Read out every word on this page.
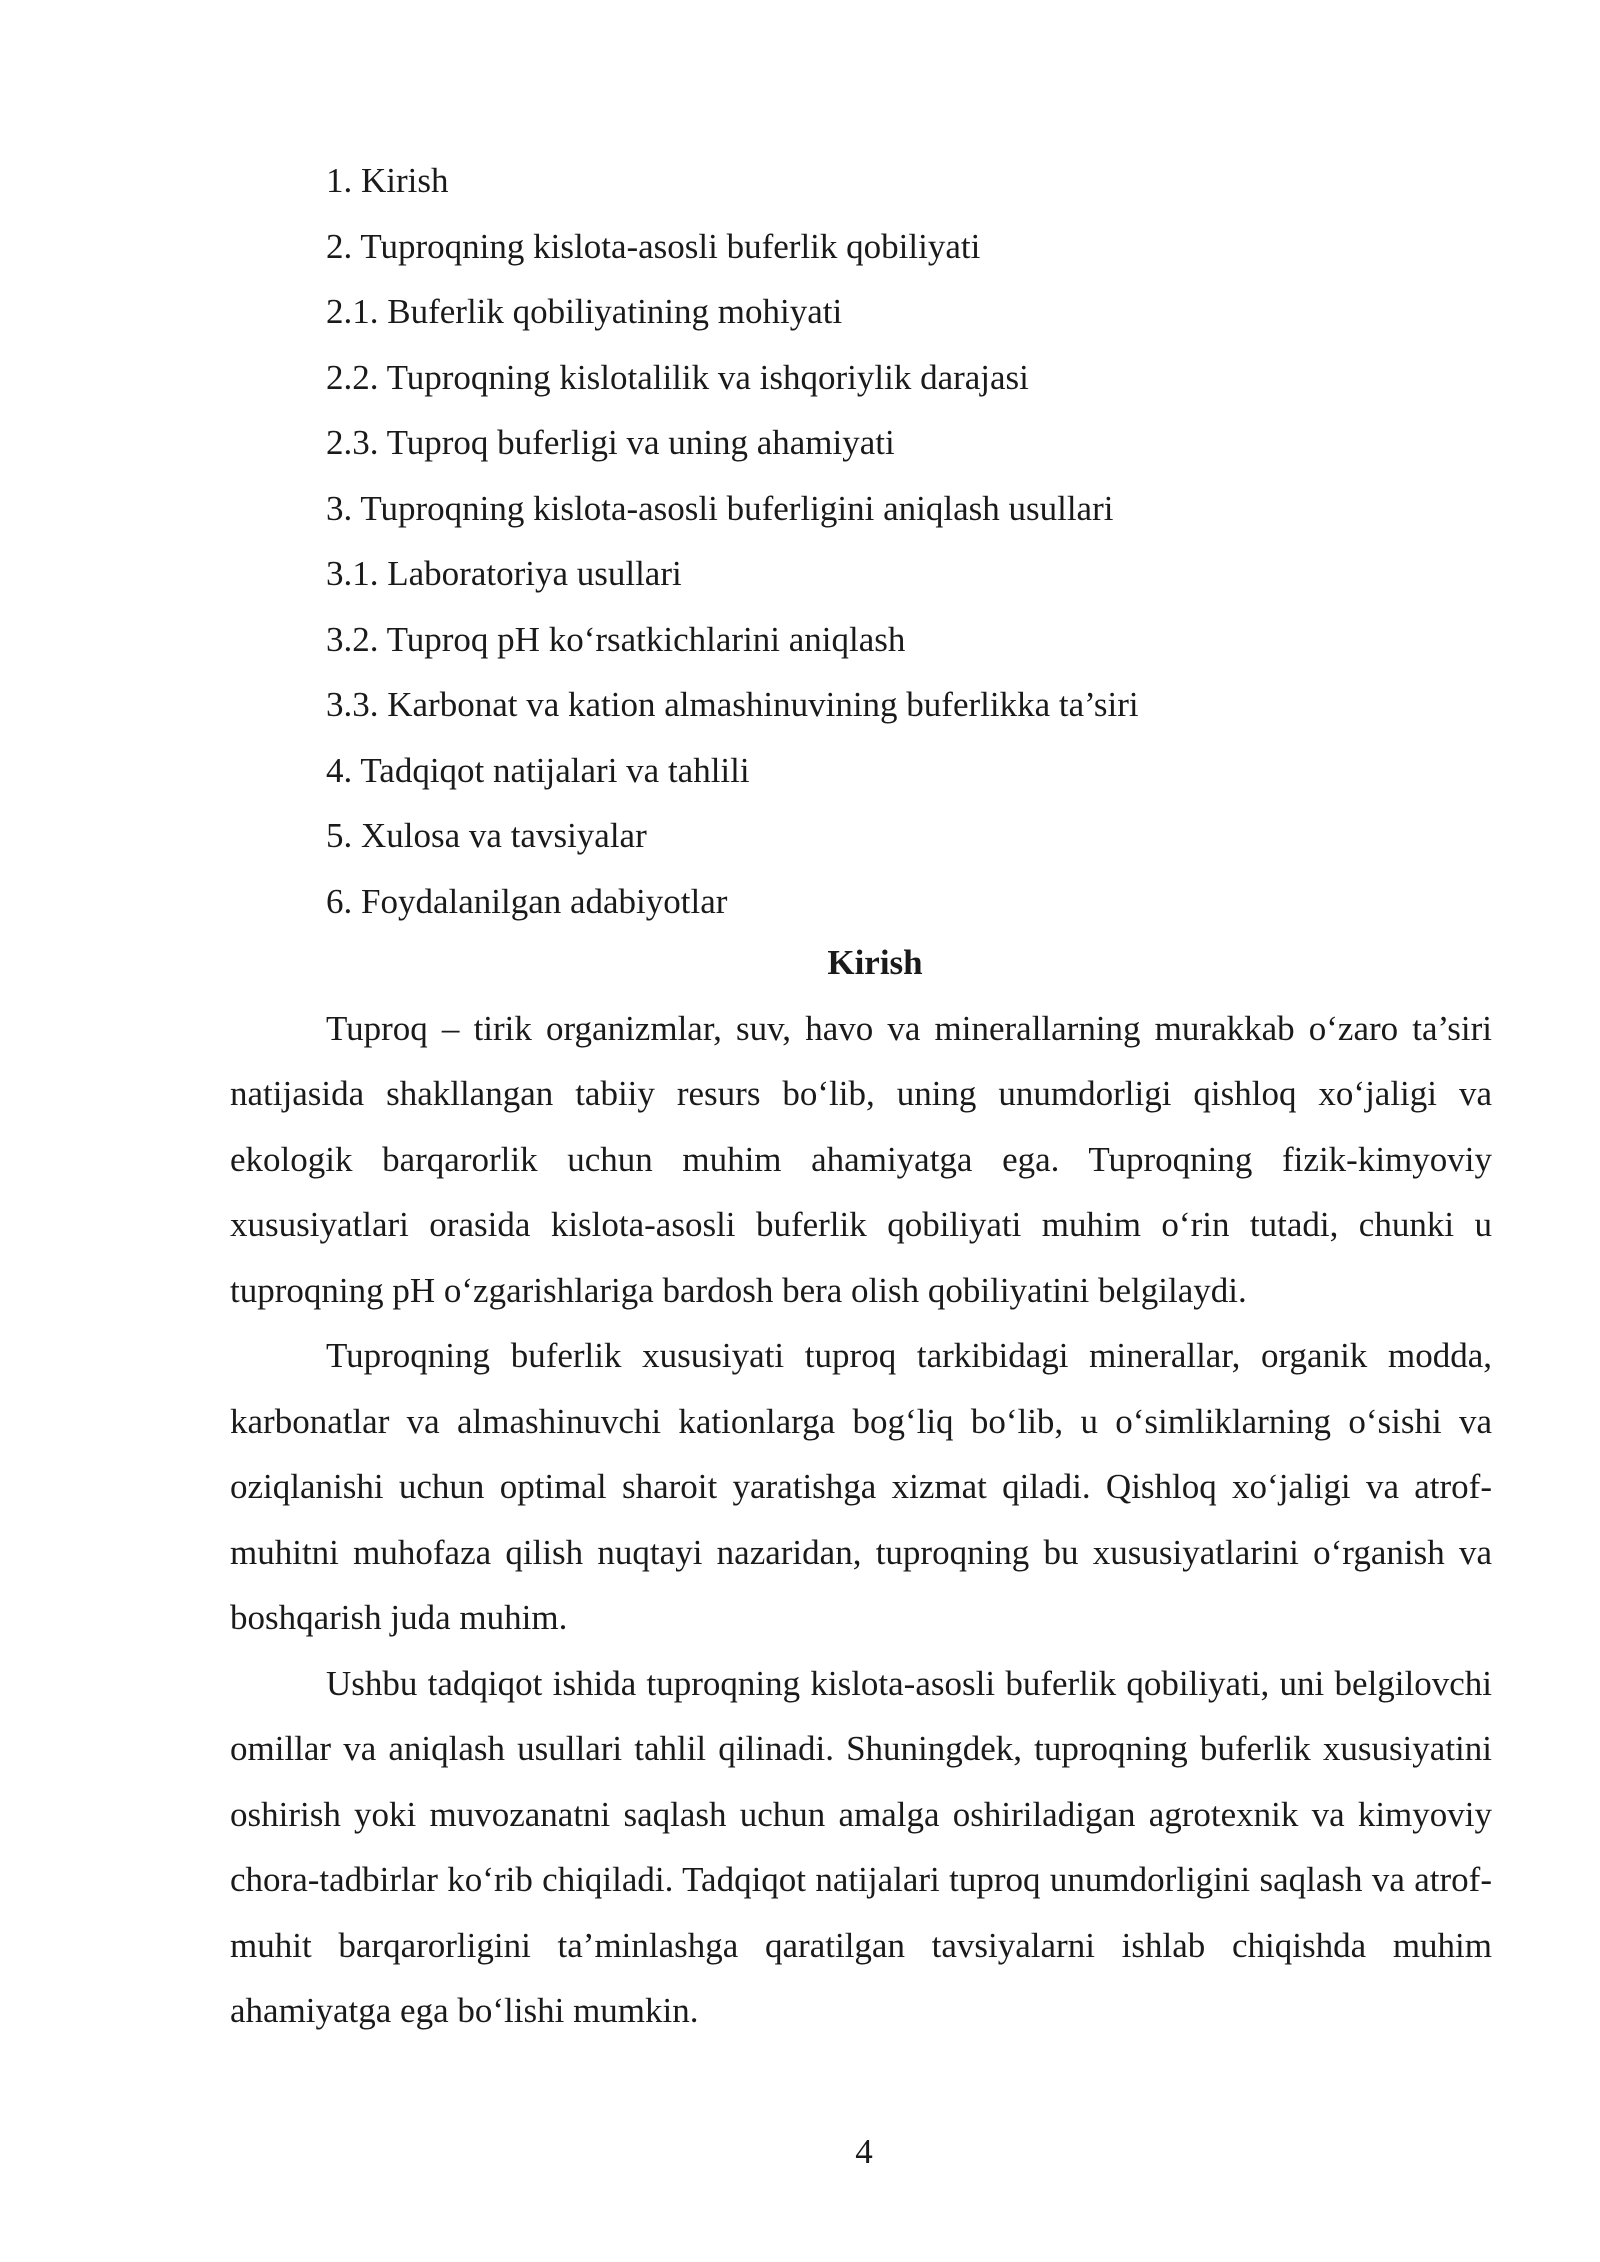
1. Kirish
2. Tuproqning kislota-asosli buferlik qobiliyati
2.1. Buferlik qobiliyatining mohiyati
2.2. Tuproqning kislotalilik va ishqoriylik darajasi
2.3. Tuproq buferligi va uning ahamiyati
3. Tuproqning kislota-asosli buferligini aniqlash usullari
3.1. Laboratoriya usullari
3.2. Tuproq pH ko‘rsatkichlarini aniqlash
3.3. Karbonat va kation almashinuvining buferlikka ta’siri
4. Tadqiqot natijalari va tahlili
5. Xulosa va tavsiyalar
6. Foydalanilgan adabiyotlar
Kirish

Tuproq – tirik organizmlar, suv, havo va minerallarning murakkab o‘zaro ta’siri natijasida shakllangan tabiiy resurs bo‘lib, uning unumdorligi qishloq xo‘jaligi va ekologik barqarorlik uchun muhim ahamiyatga ega. Tuproqning fizik-kimyoviy xususiyatlari orasida kislota-asosli buferlik qobiliyati muhim o‘rin tutadi, chunki u tuproqning pH o‘zgarishlariga bardosh bera olish qobiliyatini belgilaydi.

Tuproqning buferlik xususiyati tuproq tarkibidagi minerallar, organik modda, karbonatlar va almashinuvchi kationlarga bog‘liq bo‘lib, u o‘simliklarning o‘sishi va oziqlanishi uchun optimal sharoit yaratishga xizmat qiladi. Qishloq xo‘jaligi va atrof-muhitni muhofaza qilish nuqtayi nazaridan, tuproqning bu xususiyatlarini o‘rganish va boshqarish juda muhim.

Ushbu tadqiqot ishida tuproqning kislota-asosli buferlik qobiliyati, uni belgilovchi omillar va aniqlash usullari tahlil qilinadi. Shuningdek, tuproqning buferlik xususiyatini oshirish yoki muvozanatni saqlash uchun amalga oshiriladigan agrotexnik va kimyoviy chora-tadbirlar ko‘rib chiqiladi. Tadqiqot natijalari tuproq unumdorligini saqlash va atrof-muhit barqarorligini ta’minlashga qaratilgan tavsiyalarni ishlab chiqishda muhim ahamiyatga ega bo‘lishi mumkin.

4
